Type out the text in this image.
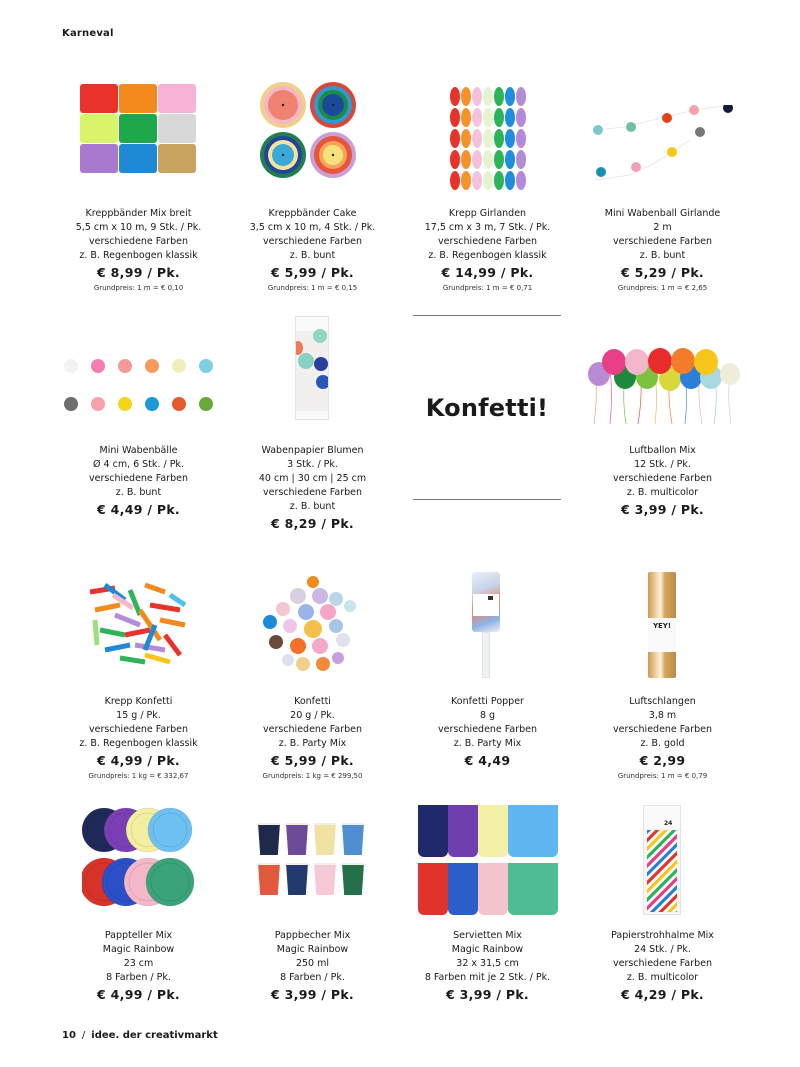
Karneval
Kreppbänder Mix breit
5,5 cm x 10 m, 9 Stk. / Pk.
verschiedene Farben
z. B. Regenbogen klassik
€ 8,99 / Pk.
Grundpreis: 1 m = € 0,10
Kreppbänder Cake
3,5 cm x 10 m, 4 Stk. / Pk.
verschiedene Farben
z. B. bunt
€ 5,99 / Pk.
Grundpreis: 1 m = € 0,15
Krepp Girlanden
17,5 cm x 3 m, 7 Stk. / Pk.
verschiedene Farben
z. B. Regenbogen klassik
€ 14,99 / Pk.
Grundpreis: 1 m = € 0,71
Mini Wabenball Girlande
2 m
verschiedene Farben
z. B. bunt
€ 5,29 / Pk.
Grundpreis: 1 m = € 2,65
Mini Wabenbälle
Ø 4 cm, 6 Stk. / Pk.
verschiedene Farben
z. B. bunt
€ 4,49 / Pk.
Wabenpapier Blumen
3 Stk. / Pk.
40 cm | 30 cm | 25 cm
verschiedene Farben
z. B. bunt
€ 8,29 / Pk.
Konfetti!
Luftballon Mix
12 Stk. / Pk.
verschiedene Farben
z. B. multicolor
€ 3,99 / Pk.
Krepp Konfetti
15 g / Pk.
verschiedene Farben
z. B. Regenbogen klassik
€ 4,99 / Pk.
Grundpreis: 1 kg = € 332,67
Konfetti
20 g / Pk.
verschiedene Farben
z. B. Party Mix
€ 5,99 / Pk.
Grundpreis: 1 kg = € 299,50
Konfetti Popper
8 g
verschiedene Farben
z. B. Party Mix
€ 4,49
YEY!
Luftschlangen
3,8 m
verschiedene Farben
z. B. gold
€ 2,99
Grundpreis: 1 m = € 0,79
Pappteller Mix
Magic Rainbow
23 cm
8 Farben / Pk.
€ 4,99 / Pk.
Pappbecher Mix
Magic Rainbow
250 ml
8 Farben / Pk.
€ 3,99 / Pk.
Servietten Mix
Magic Rainbow
32 x 31,5 cm
8 Farben mit je 2 Stk. / Pk.
€ 3,99 / Pk.
24
Papierstrohhalme Mix
24 Stk. / Pk.
verschiedene Farben
z. B. multicolor
€ 4,29 / Pk.
10 / idee. der creativmarkt
